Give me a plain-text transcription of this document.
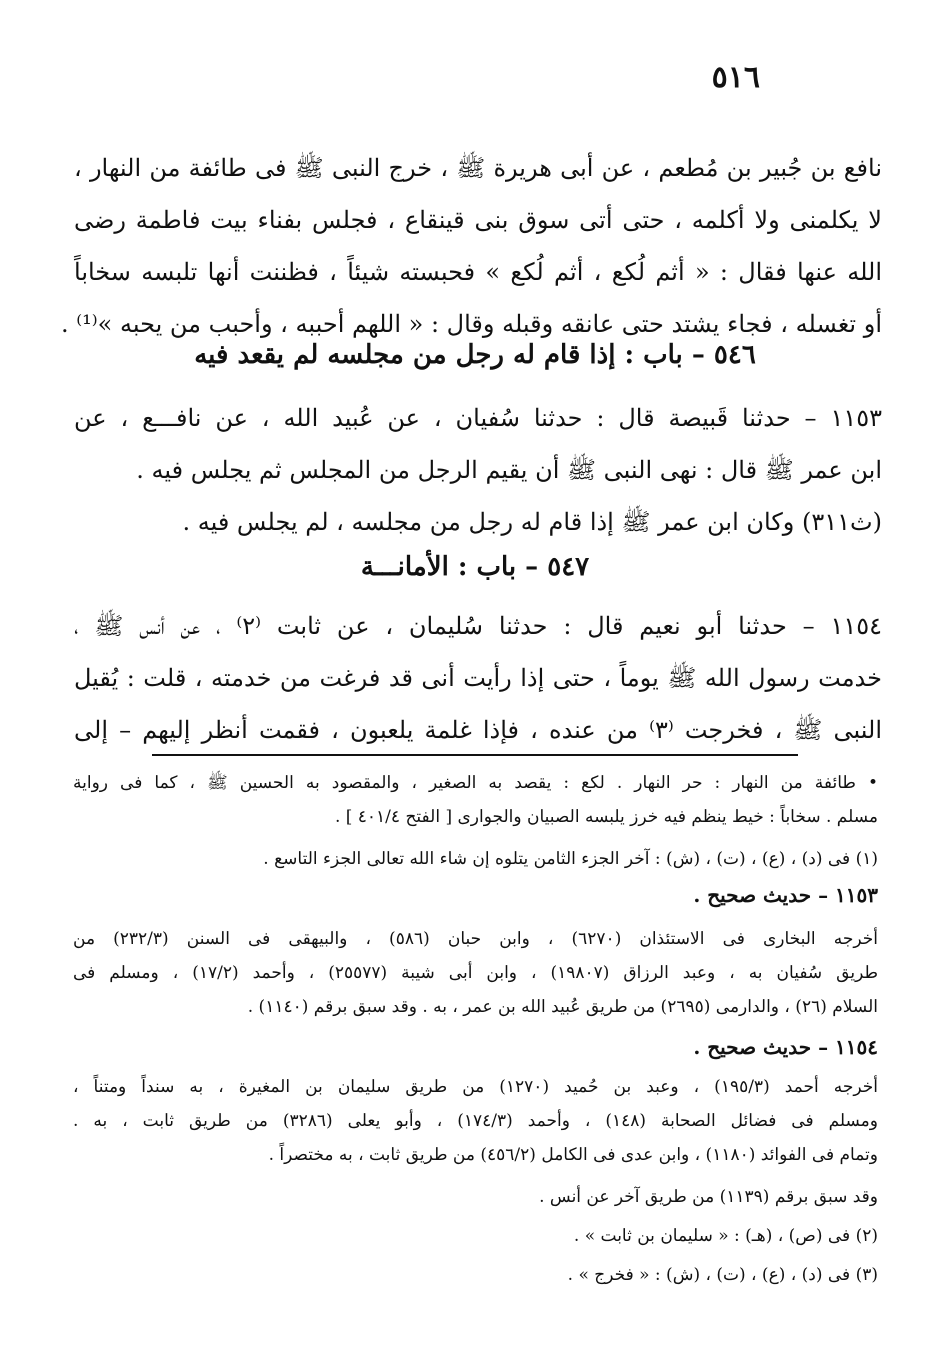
٥١٦
نافع بن جُبير بن مُطعم ، عن أبى هريرة ﷺ ، خرج النبى ﷺ فى طائفة من النهار ،
لا يكلمنى ولا أكلمه ، حتى أتى سوق بنى قينقاع ، فجلس بفناء بيت فاطمة رضى
الله عنها فقال : « أثم لُكع ، أثم لُكع » فحبسته شيئاً ، فظننت أنها تلبسه سخاباً
أو تغسله ، فجاء يشتد حتى عانقه وقبله وقال : « اللهم أحببه ، وأحبب من يحبه »⁽¹⁾ .
٥٤٦ – باب : إذا قام له رجل من مجلسه لم يقعد فيه
١١٥٣ – حدثنا قَبيصة قال : حدثنا سُفيان ، عن عُبيد الله ، عن نافـــع ، عن
ابن عمر ﷺ قال : نهى النبى ﷺ أن يقيم الرجل من المجلس ثم يجلس فيه .
(ث٣١١) وكان ابن عمر ﷺ إذا قام له رجل من مجلسه ، لم يجلس فيه .
٥٤٧ – باب : الأمانـــة
١١٥٤ – حدثنا أبو نعيم قال : حدثنا سُليمان ، عن ثابت ⁽٢⁾ ، عن أنس ﷺ ،
خدمت رسول الله ﷺ يوماً ، حتى إذا رأيت أنى قد فرغت من خدمته ، قلت : يُقيل
النبى ﷺ ، فخرجت ⁽٣⁾ من عنده ، فإذا غلمة يلعبون ، فقمت أنظر إليهم – إلى
• طائفة من النهار : حر النهار . لكع : يقصد به الصغير ، والمقصود به الحسين ﷺ ، كما فى رواية
مسلم . سخاباً : خيط ينظم فيه خرز يلبسه الصبيان والجوارى [ الفتح ٤٠١/٤ ] .
(١) فى (د) ، (ع) ، (ت) ، (ش) : آخر الجزء الثامن يتلوه إن شاء الله تعالى الجزء التاسع .
١١٥٣ – حديث صحيح .
أخرجه البخارى فى الاستئذان (٦٢٧٠) ، وابن حبان (٥٨٦) ، والبيهقى فى السنن (٢٣٢/٣) من
طريق سُفيان به ، وعبد الرزاق (١٩٨٠٧) ، وابن أبى شيبة (٢٥٥٧٧) ، وأحمد (١٧/٢) ، ومسلم فى
السلام (٢٦) ، والدارمى (٢٦٩٥) من طريق عُبيد الله بن عمر ، به . وقد سبق برقم (١١٤٠) .
١١٥٤ – حديث صحيح .
أخرجه أحمد (١٩٥/٣) ، وعبد بن حُميد (١٢٧٠) من طريق سليمان بن المغيرة ، به سنداً ومتناً ،
ومسلم فى فضائل الصحابة (١٤٨) ، وأحمد (١٧٤/٣) ، وأبو يعلى (٣٢٨٦) من طريق ثابت ، به .
وتمام فى الفوائد (١١٨٠) ، وابن عدى فى الكامل (٤٥٦/٢) من طريق ثابت ، به مختصراً .
وقد سبق برقم (١١٣٩) من طريق آخر عن أنس .
(٢) فى (ص) ، (هـ) : « سليمان بن ثابت » .
(٣) فى (د) ، (ع) ، (ت) ، (ش) : « فخرج » .
